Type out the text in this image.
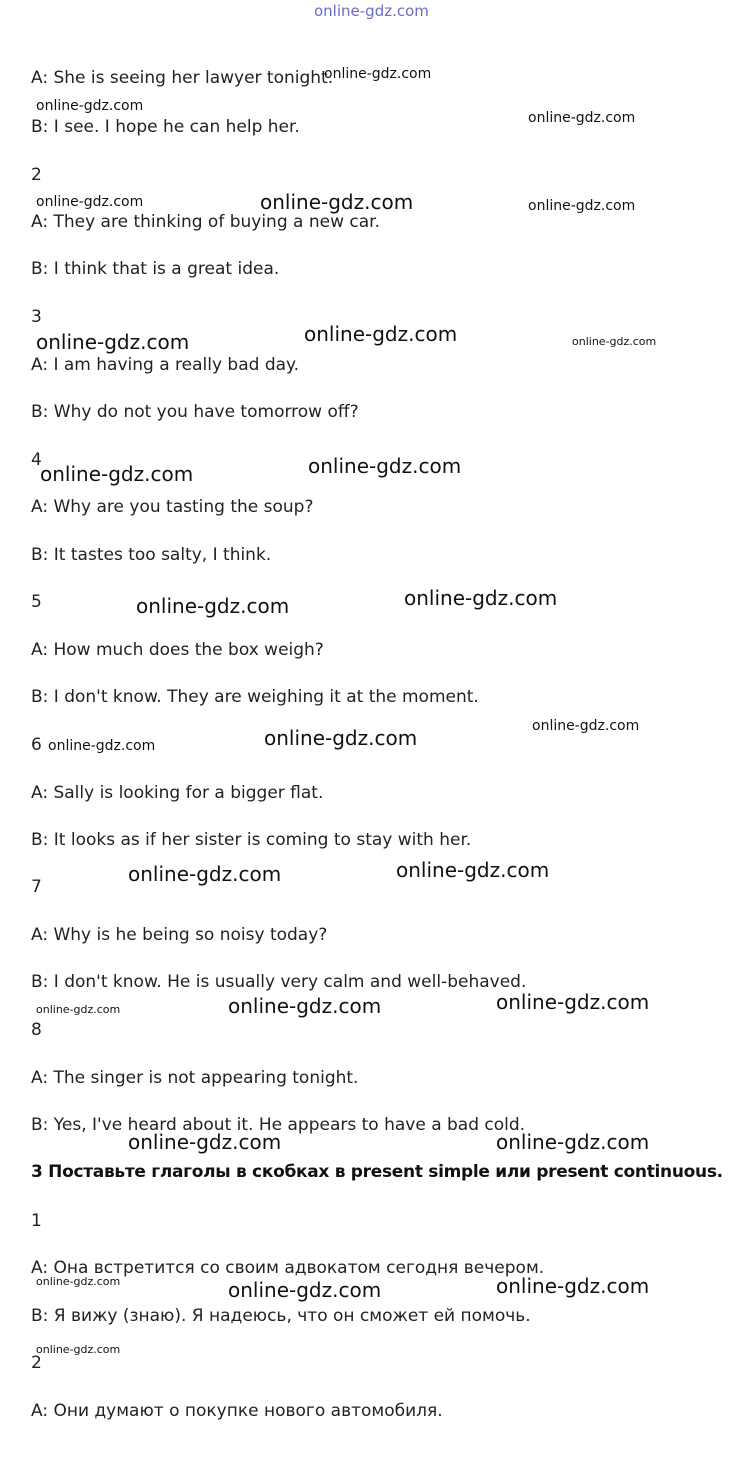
online-gdz.com
A: She is seeing her lawyer tonight.
B: I see. I hope he can help her.
2
A: They are thinking of buying a new car.
B: I think that is a great idea.
3
A: I am having a really bad day.
B: Why do not you have tomorrow off?
4
A: Why are you tasting the soup?
B: It tastes too salty, I think.
5
A: How much does the box weigh?
B: I don't know. They are weighing it at the moment.
6
A: Sally is looking for a bigger flat.
B: It looks as if her sister is coming to stay with her.
7
A: Why is he being so noisy today?
B: I don't know. He is usually very calm and well-behaved.
8
A: The singer is not appearing tonight.
B: Yes, I've heard about it. He appears to have a bad cold.
3 Поставьте глаголы в скобках в present simple или present continuous.
1
A: Она встретится со своим адвокатом сегодня вечером.
B: Я вижу (знаю). Я надеюсь, что он сможет ей помочь.
2
A: Они думают о покупке нового автомобиля.
online-gdz.com
online-gdz.com
online-gdz.com
online-gdz.com	online-gdz.com	online-gdz.com
online-gdz.com	online-gdz.com	online-gdz.com
online-gdz.com	online-gdz.com
online-gdz.com	online-gdz.com
online-gdz.com
online-gdz.com	online-gdz.com
online-gdz.com	online-gdz.com
online-gdz.com	online-gdz.com	online-gdz.com
online-gdz.com	online-gdz.com
online-gdz.com	online-gdz.com	online-gdz.com
online-gdz.com
